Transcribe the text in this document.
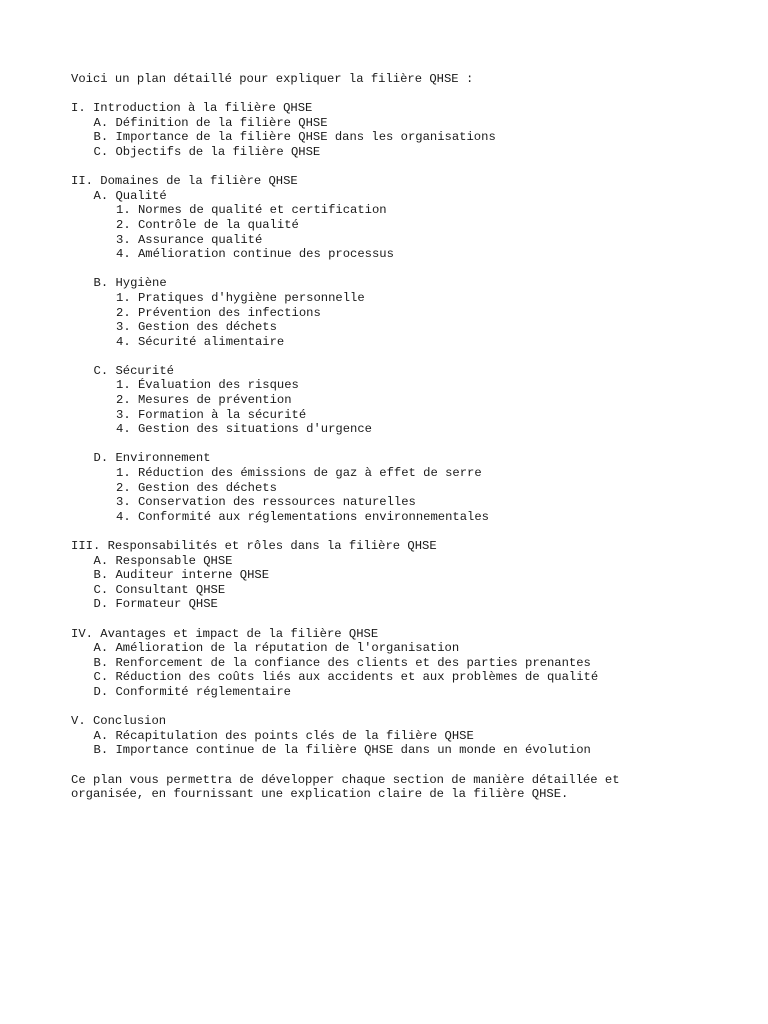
Voici un plan détaillé pour expliquer la filière QHSE :
I. Introduction à la filière QHSE
A. Définition de la filière QHSE
B. Importance de la filière QHSE dans les organisations
C. Objectifs de la filière QHSE
II. Domaines de la filière QHSE
A. Qualité
1. Normes de qualité et certification
2. Contrôle de la qualité
3. Assurance qualité
4. Amélioration continue des processus
B. Hygiène
1. Pratiques d'hygiène personnelle
2. Prévention des infections
3. Gestion des déchets
4. Sécurité alimentaire
C. Sécurité
1. Évaluation des risques
2. Mesures de prévention
3. Formation à la sécurité
4. Gestion des situations d'urgence
D. Environnement
1. Réduction des émissions de gaz à effet de serre
2. Gestion des déchets
3. Conservation des ressources naturelles
4. Conformité aux réglementations environnementales
III. Responsabilités et rôles dans la filière QHSE
A. Responsable QHSE
B. Auditeur interne QHSE
C. Consultant QHSE
D. Formateur QHSE
IV. Avantages et impact de la filière QHSE
A. Amélioration de la réputation de l'organisation
B. Renforcement de la confiance des clients et des parties prenantes
C. Réduction des coûts liés aux accidents et aux problèmes de qualité
D. Conformité réglementaire
V. Conclusion
A. Récapitulation des points clés de la filière QHSE
B. Importance continue de la filière QHSE dans un monde en évolution
Ce plan vous permettra de développer chaque section de manière détaillée et
organisée, en fournissant une explication claire de la filière QHSE.
